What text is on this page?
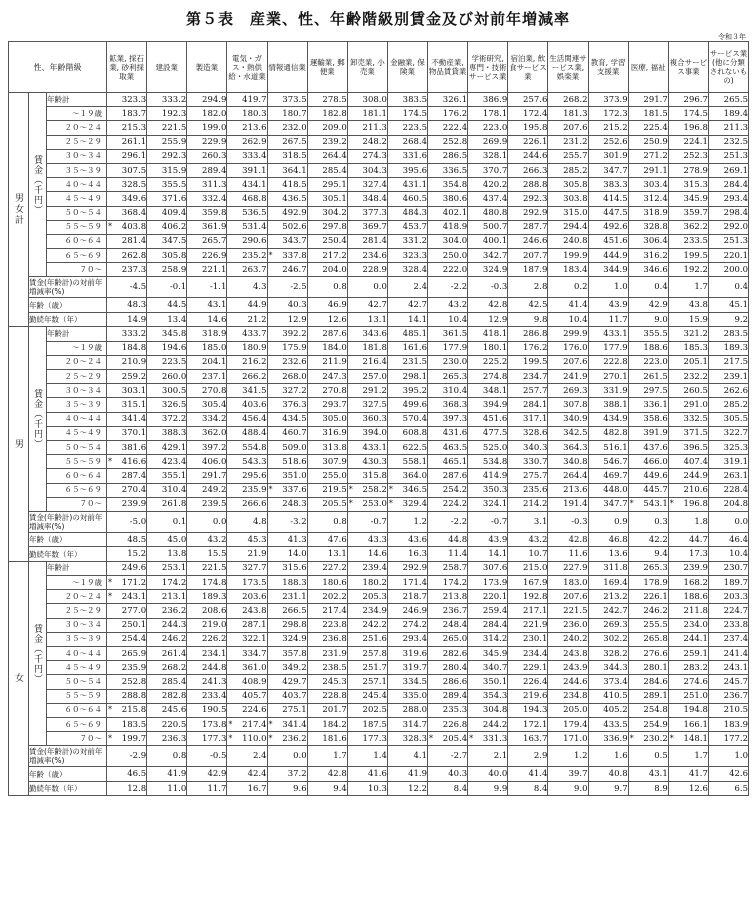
第５表　産業、性、年齢階級別賃金及び対前年増減率
令和３年
性、年齢階級			鉱業, 採石業, 砂利採取業	建設業	製造業	電気・ガス・熱供給・水道業	情報通信業	運輸業, 郵便業	卸売業, 小売業	金融業, 保険業	不動産業, 物品賃貸業	学術研究, 専門・技術サービス業	宿泊業, 飲食サービス業	生活関連サービス業, 娯楽業	教育, 学習支援業	医療, 福祉	複合サービス事業	サービス業(他に分類されないもの)
男女計	賃金（千円）	年齢計	323.3	333.2	294.9	419.7	373.5	278.5	308.0	383.5	326.1	386.9	257.6	268.2	373.9	291.7	296.7	265.5
		～１９歳	183.7	192.3	182.0	180.3	180.7	182.8	181.1	174.5	176.2	178.1	172.4	181.3	172.3	181.5	174.5	189.4
		２０～２４	215.3	221.5	199.0	213.6	232.0	209.0	211.3	223.5	222.4	223.0	195.8	207.6	215.2	225.4	196.8	211.3
		２５～２９	261.1	255.9	229.9	262.9	267.5	239.2	248.2	268.4	252.8	269.9	226.1	231.2	252.6	250.9	224.1	232.5
		３０～３４	296.1	292.3	260.3	333.4	318.5	264.4	274.3	331.6	286.5	328.1	244.6	255.7	301.9	271.2	252.3	251.3
		３５～３９	307.5	315.9	289.4	391.1	364.1	285.4	304.3	395.6	336.5	370.7	266.3	285.2	347.7	291.1	278.9	269.1
		４０～４４	328.5	355.5	311.3	434.1	418.5	295.1	327.4	431.1	354.8	420.2	288.8	305.8	383.3	303.4	315.3	284.4
		４５～４９	349.6	371.6	332.4	468.8	436.5	305.1	348.4	460.5	380.6	437.4	292.3	303.8	414.5	312.4	345.9	293.4
		５０～５４	368.4	409.4	359.8	536.5	492.9	304.2	377.3	484.3	402.1	480.8	292.9	315.0	447.5	318.9	359.7	298.4
		５５～５９	* 403.8	406.2	361.9	531.4	502.6	297.8	369.7	453.7	418.9	500.7	287.7	294.4	492.6	328.8	362.2	292.0
		６０～６４	281.4	347.5	265.7	290.6	343.7	250.4	281.4	331.2	304.0	400.1	246.6	240.8	451.6	306.4	233.5	251.3
		６５～６９	262.8	305.8	226.9	235.2	* 337.8	217.2	234.6	323.3	250.0	342.7	207.7	199.9	444.9	316.2	199.5	220.1
		７０～	237.3	258.9	221.1	263.7	246.7	204.0	228.9	328.4	222.0	324.9	187.9	183.4	344.9	346.6	192.2	200.0
	賃金(年齢計)の対前年増減率(%)		-4.5	-0.1	-1.1	4.3	-2.5	0.8	0.0	2.4	-2.2	-0.3	2.8	0.2	1.0	0.4	1.7	0.4
	年齢（歳）		48.3	44.5	43.1	44.9	40.3	46.9	42.7	42.7	43.2	42.8	42.5	41.4	43.9	42.9	43.8	45.1
	勤続年数（年）		14.9	13.4	14.6	21.2	12.9	12.6	13.1	14.1	10.4	12.9	9.8	10.4	11.7	9.0	15.9	9.2
男	賃金（千円）	年齢計	333.2	345.8	318.9	433.7	392.2	287.6	343.6	485.1	361.5	418.1	286.8	299.9	433.1	355.5	321.2	283.5
		～１９歳	184.8	194.6	185.0	180.9	175.9	184.0	181.8	161.6	177.9	180.1	176.2	176.0	177.9	188.6	185.3	189.3
		２０～２４	210.9	223.5	204.1	216.2	232.6	211.9	216.4	231.5	230.0	225.2	199.5	207.6	222.8	223.0	205.1	217.5
		２５～２９	259.2	260.0	237.1	266.2	268.0	247.3	257.0	298.1	265.3	274.8	234.7	241.9	270.1	261.5	232.2	239.1
		３０～３４	303.1	300.5	270.8	341.5	327.2	270.8	291.2	395.2	310.4	348.1	257.7	269.3	331.9	297.5	260.5	262.6
		３５～３９	315.1	326.5	305.4	403.6	376.3	293.7	327.5	499.6	368.3	394.9	284.1	307.8	388.1	336.1	291.0	285.2
		４０～４４	341.4	372.2	334.2	456.4	434.5	305.0	360.3	570.4	397.3	451.6	317.1	340.9	434.9	358.6	332.5	305.5
		４５～４９	370.1	388.3	362.0	488.4	460.7	316.9	394.0	608.8	431.6	477.5	328.6	342.5	482.8	391.9	371.5	322.7
		５０～５４	381.6	429.1	397.2	554.8	509.0	313.8	433.1	622.5	463.5	525.0	340.3	364.3	516.1	437.6	396.5	325.3
		５５～５９	* 416.6	423.4	406.0	543.3	518.6	307.9	430.3	558.1	465.1	534.8	330.7	340.8	546.7	466.0	407.4	319.1
		６０～６４	287.4	355.1	291.7	295.6	351.0	255.0	315.8	364.0	287.6	414.9	275.7	264.4	469.7	449.6	244.9	263.1
		６５～６９	270.4	310.4	249.2	235.9	* 337.6	219.5	* 258.2	* 346.5	254.2	350.3	235.6	213.6	448.0	445.7	210.6	228.4
		７０～	239.9	261.8	239.5	266.6	248.3	205.5	* 253.0	* 329.4	224.2	324.1	214.2	191.4	347.7	* 543.1	* 196.8	204.8
	賃金(年齢計)の対前年増減率(%)		-5.0	0.1	0.0	4.8	-3.2	0.8	-0.7	1.2	-2.2	-0.7	3.1	-0.3	0.9	0.3	1.8	0.0
	年齢（歳）		48.5	45.0	43.2	45.3	41.3	47.6	43.3	43.6	44.8	43.9	43.2	42.8	46.8	42.2	44.7	46.4
	勤続年数（年）		15.2	13.8	15.5	21.9	14.0	13.1	14.6	16.3	11.4	14.1	10.7	11.6	13.6	9.4	17.3	10.4
女	賃金（千円）	年齢計	249.6	253.1	221.5	327.7	315.6	227.2	239.4	292.9	258.7	307.6	215.0	227.9	311.8	265.3	239.9	230.7
		～１９歳	* 171.2	174.2	174.8	173.5	188.3	180.6	180.2	171.4	174.2	173.9	167.9	183.0	169.4	178.9	168.2	189.7
		２０～２４	* 243.1	213.1	189.3	203.6	231.1	202.2	205.3	218.7	213.8	220.1	192.8	207.6	213.2	226.1	188.6	203.3
		２５～２９	277.0	236.2	208.6	243.8	266.5	217.4	234.9	246.9	236.7	259.4	217.1	221.5	242.7	246.2	211.8	224.7
		３０～３４	250.1	244.3	219.0	287.1	298.8	223.8	242.2	274.2	248.4	284.4	221.9	236.0	269.3	255.5	234.0	233.8
		３５～３９	254.4	246.2	226.2	322.1	324.9	236.8	251.6	293.4	265.0	314.2	230.1	240.2	302.2	265.8	244.1	237.4
		４０～４４	265.9	261.4	234.1	334.7	357.8	231.9	257.8	319.6	282.6	345.9	234.4	243.8	328.2	276.6	259.1	241.4
		４５～４９	235.9	268.2	244.8	361.0	349.2	238.5	251.7	319.7	280.4	340.7	229.1	243.9	344.3	280.1	283.2	243.1
		５０～５４	252.8	285.4	241.3	408.9	429.7	245.3	257.1	334.5	286.6	350.1	226.4	244.6	373.4	284.6	274.6	245.7
		５５～５９	288.8	282.8	233.4	405.7	403.7	228.8	245.4	335.0	289.4	354.3	219.6	234.8	410.5	289.1	251.0	236.7
		６０～６４	* 215.8	245.6	190.5	224.6	275.1	201.7	202.5	288.0	235.3	304.8	194.3	205.0	405.2	254.8	194.8	210.5
		６５～６９	183.5	220.5	173.8	* 217.4	* 341.4	184.2	187.5	314.7	226.8	244.2	172.1	179.4	433.5	254.9	166.1	183.9
		７０～	* 199.7	236.3	177.3	* 110.0	* 236.2	181.6	177.3	328.3	* 205.4	* 331.3	163.7	171.0	336.9	* 230.2	* 148.1	177.2
	賃金(年齢計)の対前年増減率(%)		-2.9	0.8	-0.5	2.4	0.0	1.7	1.4	4.1	-2.7	2.1	2.9	1.2	1.6	0.5	1.7	1.0
	年齢（歳）		46.5	41.9	42.9	42.4	37.2	42.8	41.6	41.9	40.3	40.0	41.4	39.7	40.8	43.1	41.7	42.6
	勤続年数（年）		12.8	11.0	11.7	16.7	9.6	9.4	10.3	12.2	8.4	9.9	8.4	9.0	9.7	8.9	12.6	6.5
